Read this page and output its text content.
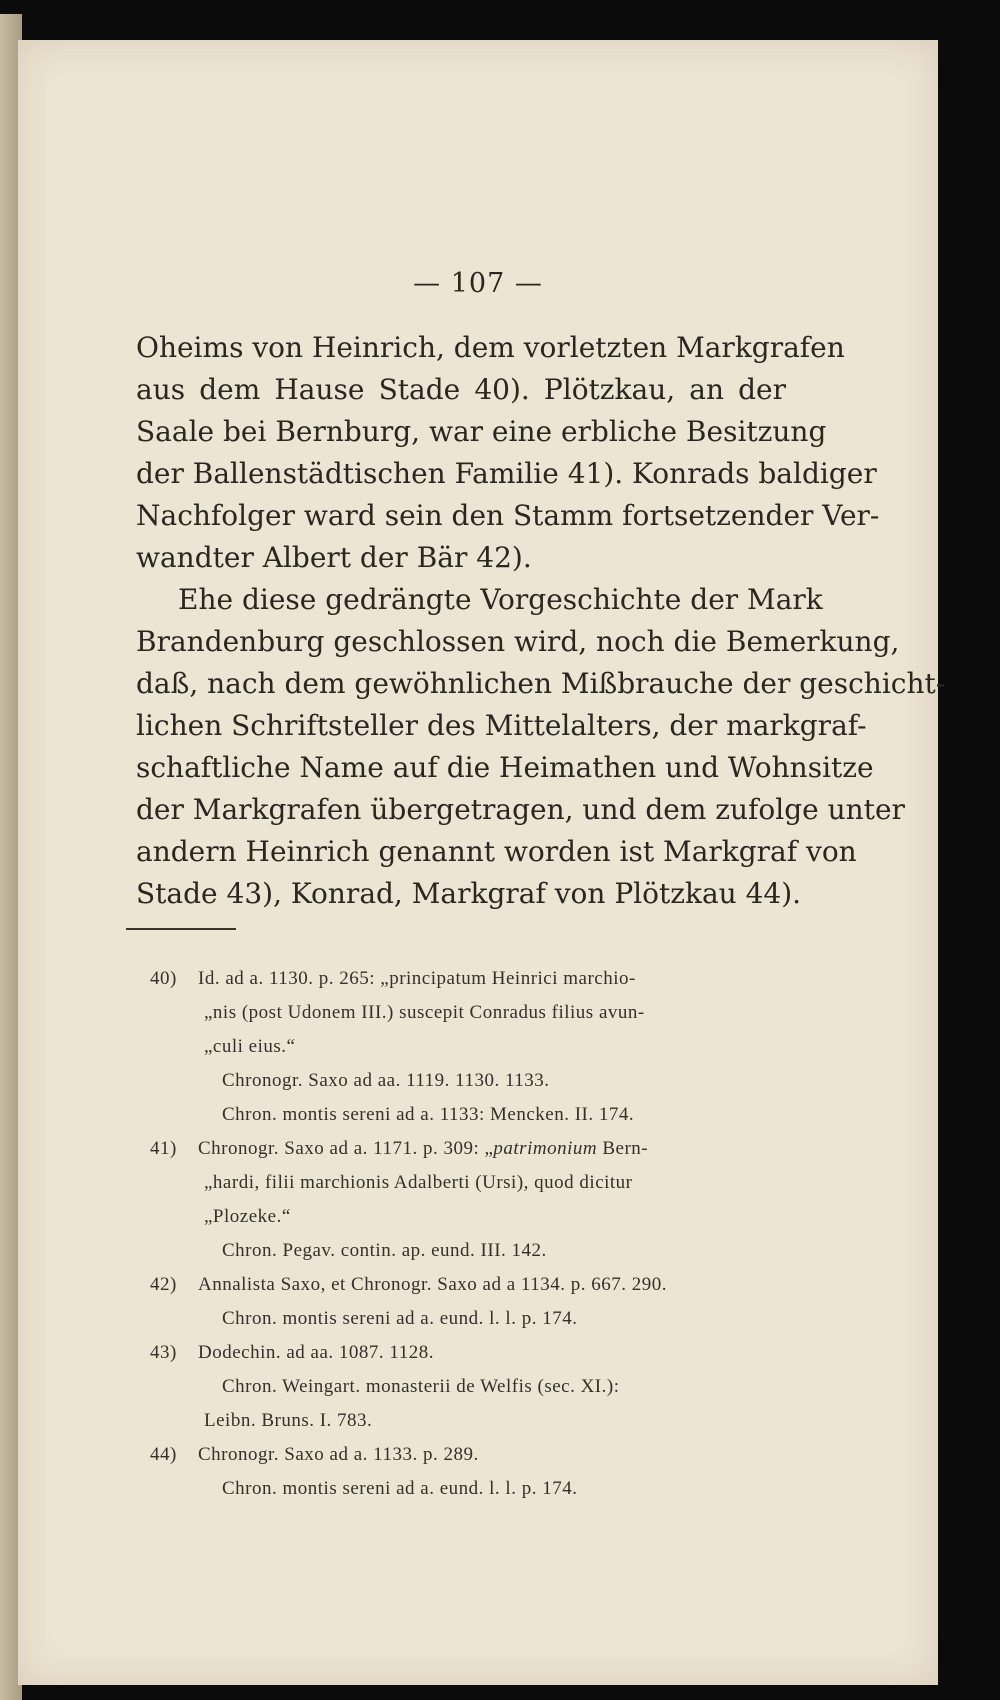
— 107 —
Oheims von Heinrich, dem vorletzten Markgrafen
aus dem Hause Stade 40). Plötzkau, an der
Saale bei Bernburg, war eine erbliche Besitzung
der Ballenstädtischen Familie 41). Konrads baldiger
Nachfolger ward sein den Stamm fortsetzender Ver-
wandter Albert der Bär 42).
Ehe diese gedrängte Vorgeschichte der Mark
Brandenburg geschlossen wird, noch die Bemerkung,
daß, nach dem gewöhnlichen Mißbrauche der geschicht-
lichen Schriftsteller des Mittelalters, der markgraf-
schaftliche Name auf die Heimathen und Wohnsitze
der Markgrafen übergetragen, und dem zufolge unter
andern Heinrich genannt worden ist Markgraf von
Stade 43), Konrad, Markgraf von Plötzkau 44).
40)	Id. ad a. 1130. p. 265: „principatum Heinrici marchio-
„nis (post Udonem III.) suscepit Conradus filius avun-
„culi eius.“
Chronogr. Saxo ad aa. 1119. 1130. 1133.
Chron. montis sereni ad a. 1133: Mencken. II. 174.
41)	Chronogr. Saxo ad a. 1171. p. 309: „patrimonium Bern-
„hardi, filii marchionis Adalberti (Ursi), quod dicitur
„Plozeke.“
Chron. Pegav. contin. ap. eund. III. 142.
42)	Annalista Saxo, et Chronogr. Saxo ad a 1134. p. 667. 290.
Chron. montis sereni ad a. eund. l. l. p. 174.
43)	Dodechin. ad aa. 1087. 1128.
Chron. Weingart. monasterii de Welfis (sec. XI.):
Leibn. Bruns. I. 783.
44)	Chronogr. Saxo ad a. 1133. p. 289.
Chron. montis sereni ad a. eund. l. l. p. 174.
